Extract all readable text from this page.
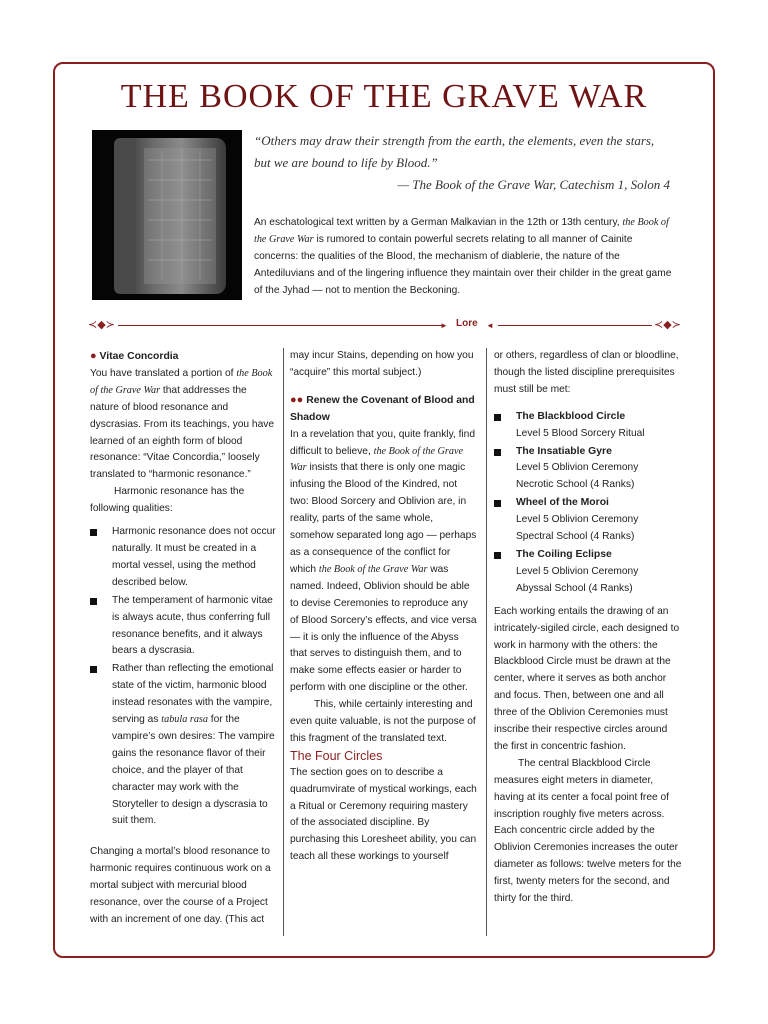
THE BOOK OF THE GRAVE WAR
“Others may draw their strength from the earth, the elements, even the stars,
but we are bound to life by Blood.”
— The Book of the Grave War, Catechism 1, Solon 4
An eschatological text written by a German Malkavian in the 12th or 13th century, the Book of the Grave War is rumored to contain powerful secrets relating to all manner of Cainite concerns: the qualities of the Blood, the mechanism of diablerie, the nature of the Antediluvians and of the lingering influence they maintain over their childer in the great game of the Jyhad — not to mention the Beckoning.
≺◆≻	► Lore ◄	≺◆≻

● Vitae Concordia

You have translated a portion of the Book of the Grave War that addresses the nature of blood resonance and dyscrasias. From its teachings, you have learned of an eighth form of blood resonance: “Vitae Concordia,” loosely translated to “harmonic resonance.”

Harmonic resonance has the following qualities:

Harmonic resonance does not occur naturally. It must be created in a mortal vessel, using the method described below.
The temperament of harmonic vitae is always acute, thus conferring full resonance benefits, and it always bears a dyscrasia.
Rather than reflecting the emotional state of the victim, harmonic blood instead resonates with the vampire, serving as tabula rasa for the vampire’s own desires: The vampire gains the resonance flavor of their choice, and the player of that character may work with the Storyteller to design a dyscrasia to suit them.

Changing a mortal’s blood resonance to harmonic requires continuous work on a mortal subject with mercurial blood resonance, over the course of a Project with an increment of one day. (This act

may incur Stains, depending on how you “acquire” this mortal subject.)

●● Renew the Covenant of Blood and Shadow

In a revelation that you, quite frankly, find difficult to believe, the Book of the Grave War insists that there is only one magic infusing the Blood of the Kindred, not two: Blood Sorcery and Oblivion are, in reality, parts of the same whole, somehow separated long ago — perhaps as a consequence of the conflict for which the Book of the Grave War was named. Indeed, Oblivion should be able to devise Ceremonies to reproduce any of Blood Sorcery’s effects, and vice versa — it is only the influence of the Abyss that serves to distinguish them, and to make some effects easier or harder to perform with one discipline or the other.

This, while certainly interesting and even quite valuable, is not the purpose of this fragment of the translated text.

The Four Circles

The section goes on to describe a quadrumvirate of mystical workings, each a Ritual or Ceremony requiring mastery of the associated discipline. By purchasing this Loresheet ability, you can teach all these workings to yourself

or others, regardless of clan or bloodline, though the listed discipline prerequisites must still be met:

The Blackblood Circle
Level 5 Blood Sorcery Ritual
The Insatiable Gyre
Level 5 Oblivion Ceremony
Necrotic School (4 Ranks)
Wheel of the Moroi
Level 5 Oblivion Ceremony
Spectral School (4 Ranks)
The Coiling Eclipse
Level 5 Oblivion Ceremony
Abyssal School (4 Ranks)

Each working entails the drawing of an intricately-sigiled circle, each designed to work in harmony with the others: the Blackblood Circle must be drawn at the center, where it serves as both anchor and focus. Then, between one and all three of the Oblivion Ceremonies must inscribe their respective circles around the first in concentric fashion.

The central Blackblood Circle measures eight meters in diameter, having at its center a focal point free of inscription roughly five meters across. Each concentric circle added by the Oblivion Ceremonies increases the outer diameter as follows: twelve meters for the first, twenty meters for the second, and thirty for the third.
